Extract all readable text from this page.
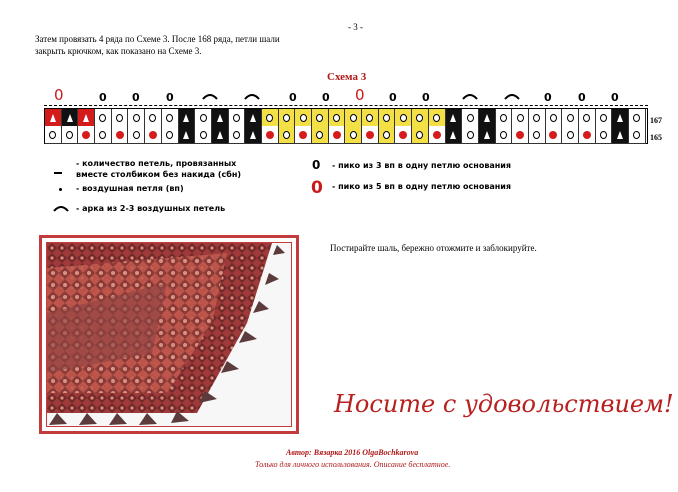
- 3 -
Затем провязать 4 ряда по Схеме 3. После 168 ряда, петли шали
закрыть крючком, как показано на Схеме 3.
Схема 3
0	0 0 0	0 0 0 0 0	0 0 0
167
165
- количество петель, провязанных
вместе столбиком без накида (сбн)
- воздушная петля (вп)
- арка из 2-3 воздушных петель
0 - пико из 3 вп в одну петлю основания
0 - пико из 5 вп в одну петлю основания
Постирайте шаль, бережно отожмите и заблокируйте.
Носите с удовольствием!
Автор: Вязарка 2016 OlgaBochkarova
Только для личного использования. Описание бесплатное.
